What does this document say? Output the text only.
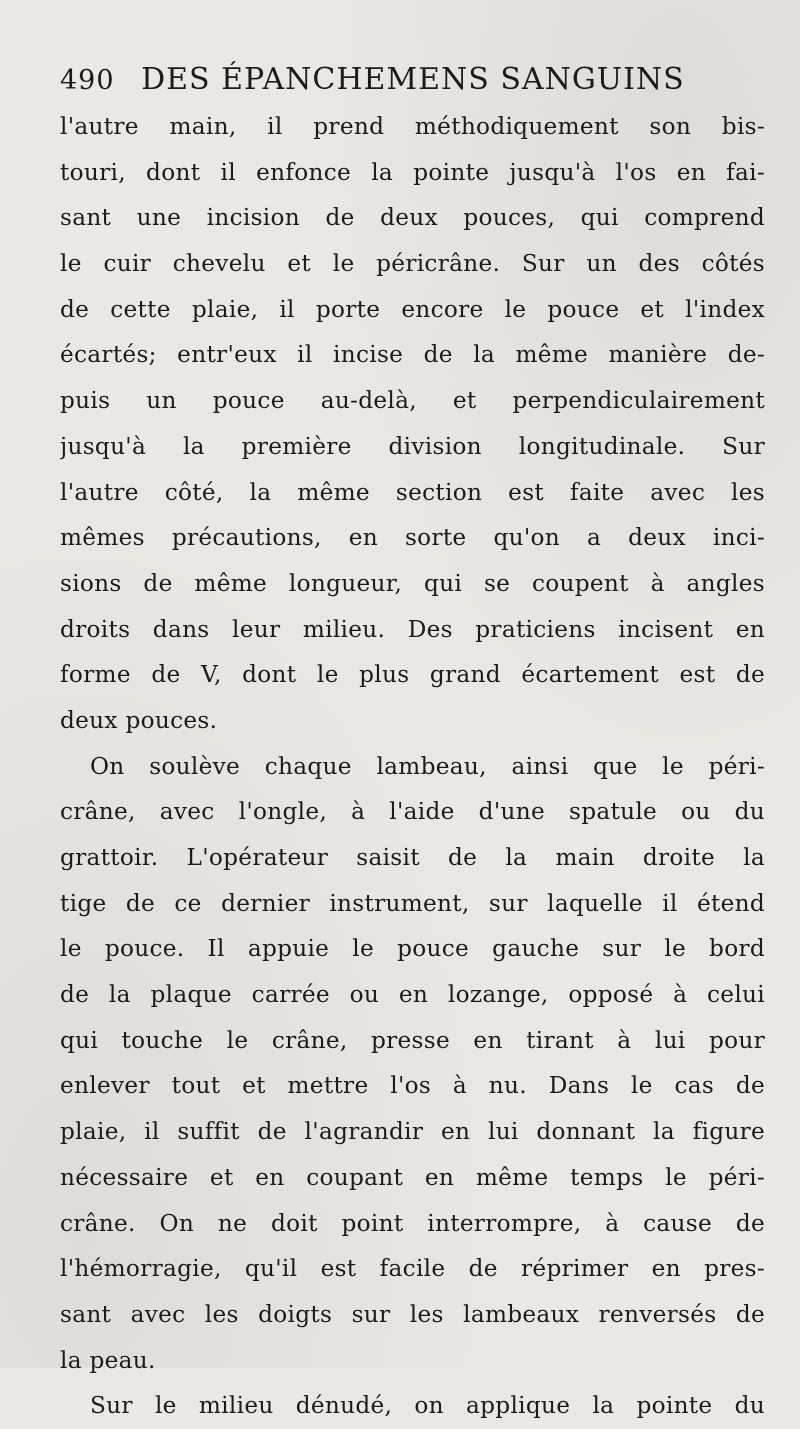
490 DES ÉPANCHEMENS SANGUINS
l'autre main, il prend méthodiquement son bis-
touri, dont il enfonce la pointe jusqu'à l'os en fai-
sant une incision de deux pouces, qui comprend
le cuir chevelu et le péricrâne. Sur un des côtés
de cette plaie, il porte encore le pouce et l'index
écartés; entr'eux il incise de la même manière de-
puis un pouce au-delà, et perpendiculairement
jusqu'à la première division longitudinale. Sur
l'autre côté, la même section est faite avec les
mêmes précautions, en sorte qu'on a deux inci-
sions de même longueur, qui se coupent à angles
droits dans leur milieu. Des praticiens incisent en
forme de V, dont le plus grand écartement est de
deux pouces.
On soulève chaque lambeau, ainsi que le péri-
crâne, avec l'ongle, à l'aide d'une spatule ou du
grattoir. L'opérateur saisit de la main droite la
tige de ce dernier instrument, sur laquelle il étend
le pouce. Il appuie le pouce gauche sur le bord
de la plaque carrée ou en lozange, opposé à celui
qui touche le crâne, presse en tirant à lui pour
enlever tout et mettre l'os à nu. Dans le cas de
plaie, il suffit de l'agrandir en lui donnant la figure
nécessaire et en coupant en même temps le péri-
crâne. On ne doit point interrompre, à cause de
l'hémorragie, qu'il est facile de réprimer en pres-
sant avec les doigts sur les lambeaux renversés de
la peau.
Sur le milieu dénudé, on applique la pointe du
